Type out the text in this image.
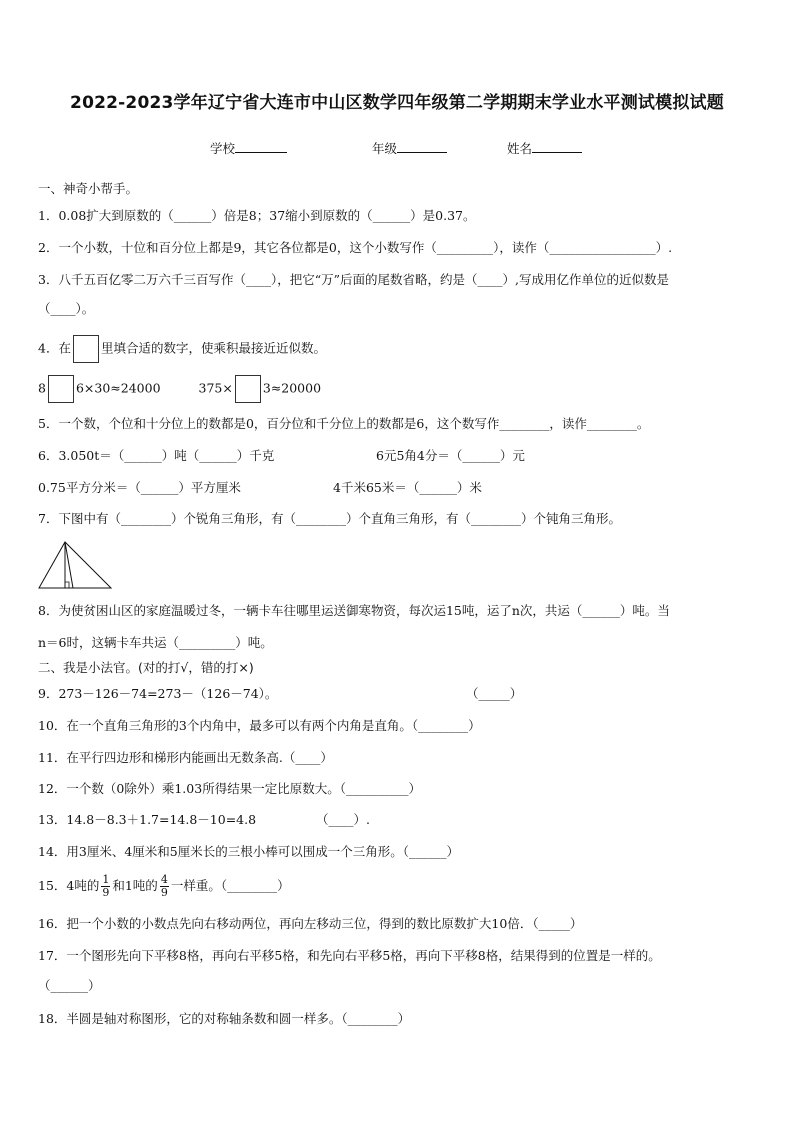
2022-2023学年辽宁省大连市中山区数学四年级第二学期期末学业水平测试模拟试题
学校	年级	姓名
一、神奇小帮手。
1．0.08扩大到原数的（______）倍是8；37缩小到原数的（______）是0.37。
2．一个小数，十位和百分位上都是9，其它各位都是0，这个小数写作（_________），读作（_________________）.
3．八千五百亿零二万六千三百写作（____），把它“万”后面的尾数省略，约是（____）,写成用亿作单位的近似数是
（____）。
4．在 里填合适的数字，使乘积最接近近似数。
8 6×30≈24000	375× 3≈20000
5．一个数，个位和十分位上的数都是0，百分位和千分位上的数都是6，这个数写作________，读作________。
6．3.050t＝（______）吨（______）千克	6元5角4分＝（______）元
0.75平方分米＝（______）平方厘米	4千米65米＝（______）米
7．下图中有（________）个锐角三角形，有（________）个直角三角形，有（________）个钝角三角形。
8．为使贫困山区的家庭温暖过冬，一辆卡车往哪里运送御寒物资，每次运15吨，运了n次，共运（______）吨。当
n＝6时，这辆卡车共运（_________）吨。
二、我是小法官。(对的打√，错的打×)
9．273－126－74=273－（126－74）。	（_____）
10．在一个直角三角形的3个内角中，最多可以有两个内角是直角。（________）
11．在平行四边形和梯形内能画出无数条高.（____）
12．一个数（0除外）乘1.03所得结果一定比原数大。（__________）
13．14.8－8.3＋1.7=14.8－10=4.8	（____）.
14．用3厘米、4厘米和5厘米长的三根小棒可以围成一个三角形。（______）
15．4吨的 $\frac{1}{9}$ 和1吨的 $\frac{4}{9}$ 一样重。（________）
16．把一个小数的小数点先向右移动两位，再向左移动三位，得到的数比原数扩大10倍．（_____）
17．一个图形先向下平移8格，再向右平移5格，和先向右平移5格，再向下平移8格，结果得到的位置是一样的。
（______）
18．半圆是轴对称图形，它的对称轴条数和圆一样多。（________）
